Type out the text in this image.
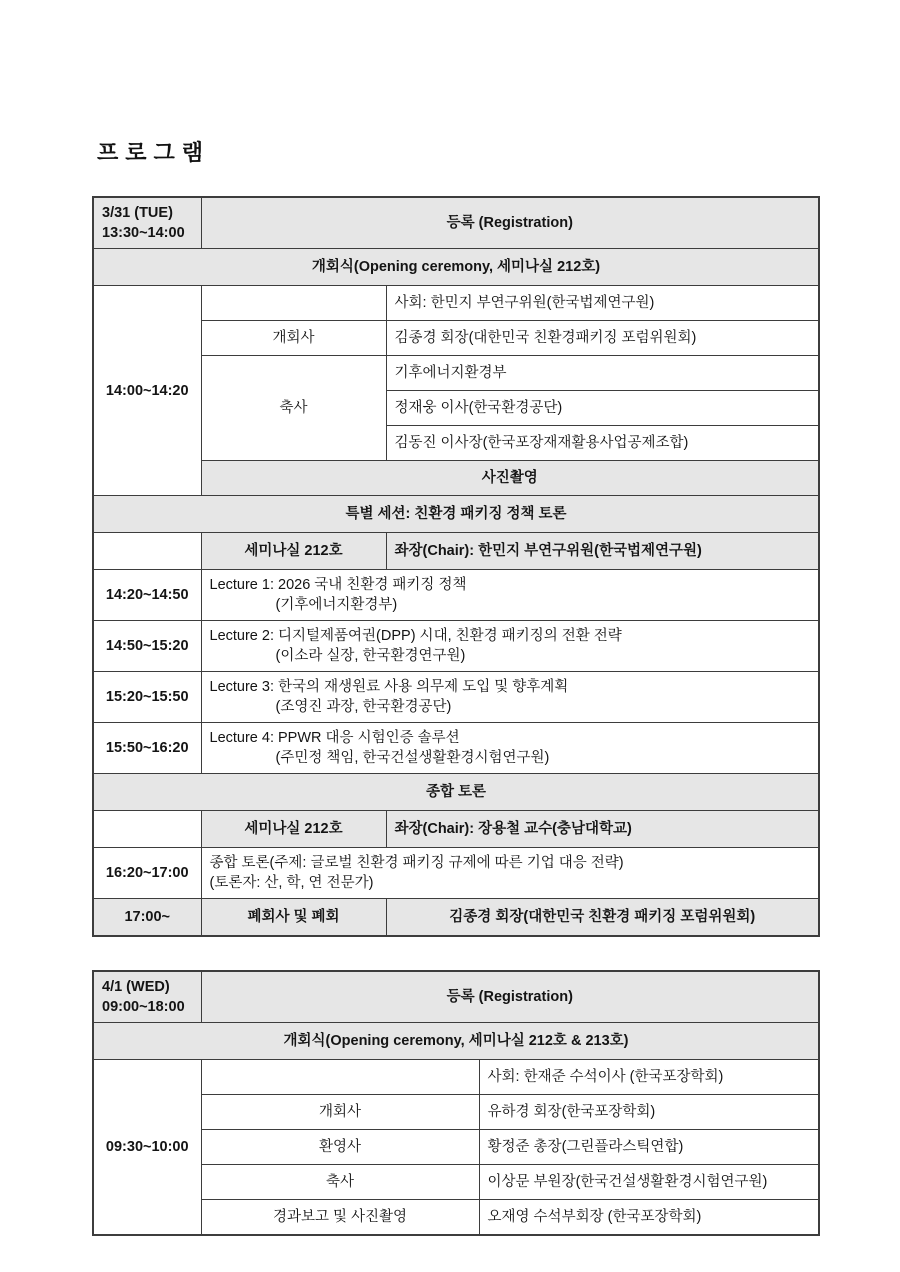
프로그램
3/31 (TUE)
13:30~14:00	등록 (Registration)	
개회식(Opening ceremony, 세미나실 212호)		
14:00~14:20		사회: 한민지 부연구위원(한국법제연구원)
	개회사	김종경 회장(대한민국 친환경패키징 포럼위원회)
	축사	기후에너지환경부
		정재웅 이사(한국환경공단)
		김동진 이사장(한국포장재재활용사업공제조합)
	사진촬영	
특별 세션: 친환경 패키징 정책 토론		
	세미나실 212호	좌장(Chair): 한민지 부연구위원(한국법제연구원)
14:20~14:50	Lecture 1: 2026 국내 친환경 패키징 정책
(기후에너지환경부)	

14:50~15:20	Lecture 2: 디지털제품여권(DPP) 시대, 친환경 패키징의 전환 전략
(이소라 실장, 한국환경연구원)	

15:20~15:50	Lecture 3: 한국의 재생원료 사용 의무제 도입 및 향후계획
(조영진 과장, 한국환경공단)	

15:50~16:20	Lecture 4: PPWR 대응 시험인증 솔루션
(주민정 책임, 한국건설생활환경시험연구원)	

종합 토론		
	세미나실 212호	좌장(Chair): 장용철 교수(충남대학교)
16:20~17:00	종합 토론(주제: 글로벌 친환경 패키징 규제에 따른 기업 대응 전략)
(토론자: 산, 학, 연 전문가)	

17:00~	폐회사 및 폐회	김종경 회장(대한민국 친환경 패키징 포럼위원회)
4/1 (WED)
09:00~18:00	등록 (Registration)	
개회식(Opening ceremony, 세미나실 212호 & 213호)		
09:30~10:00		사회: 한재준 수석이사 (한국포장학회)
	개회사	유하경 회장(한국포장학회)
	환영사	황정준 총장(그린플라스틱연합)
	축사	이상문 부원장(한국건설생활환경시험연구원)
	경과보고 및 사진촬영	오재영 수석부회장 (한국포장학회)
